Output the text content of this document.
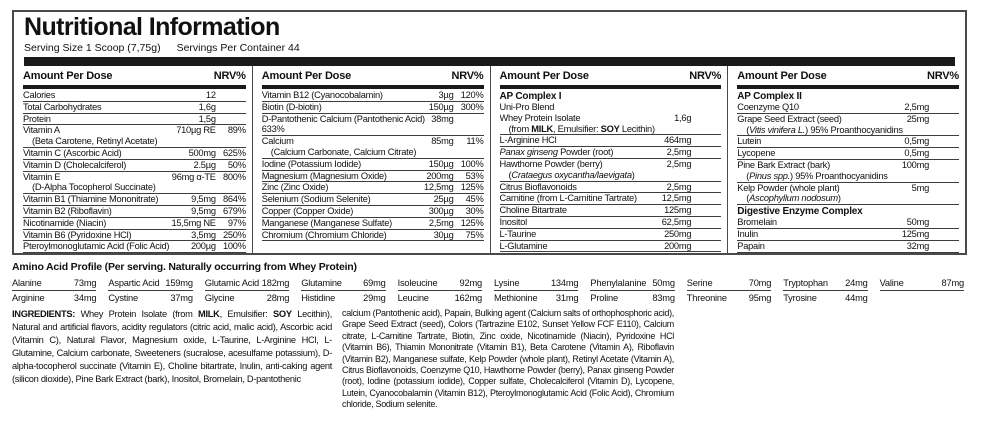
Nutritional Information
Serving Size 1 Scoop (7,75g) Servings Per Container 44
Amount Per Dose	NRV%
Calories	12
Total Carbohydrates	1,6g
Protein	1,5g
Vitamin A	710µg RE	89%
(Beta Carotene, Retinyl Acetate)
Vitamin C (Ascorbic Acid)	500mg 625%
Vitamin D (Cholecalciferol)	2.5µg	50%
Vitamin E	96mg α-TE 800%
(D-Alpha Tocopherol Succinate)
Vitamin B1 (Thiamine Mononitrate)	9,5mg 864%
Vitamin B2 (Riboflavin)	9,5mg 679%
Nicotinamide (Niacin)	15,5mg NE	97%
Vitamin B6 (Pyridoxine HCl)	3,5mg 250%
Pteroylmonoglutamic Acid (Folic Acid)	200µg 100%
Amount Per Dose	NRV%
Vitamin B12 (Cyanocobalamin)	3µg 120%
Biotin (D-biotin)	150µg 300%
D-Pantothenic Calcium (Pantothenic Acid) 38mg
633%
Calcium	85mg	11%
(Calcium Carbonate, Calcium Citrate)
Iodine (Potassium Iodide)	150µg 100%
Magnesium (Magnesium Oxide)	200mg	53%
Zinc (Zinc Oxide)	12,5mg 125%
Selenium (Sodium Selenite)	25µg	45%
Copper (Copper Oxide)	300µg	30%
Manganese (Manganese Sulfate)	2,5mg 125%
Chromium (Chromium Chloride)	30µg	75%
Amount Per Dose	NRV%
AP Complex I
Uni-Pro Blend
Whey Protein Isolate	1,6g
(from MILK, Emulsifier: SOY Lecithin)
L-Arginine HCl	464mg
Panax ginseng Powder (root)	2,5mg
Hawthorne Powder (berry)	2,5mg
(Crataegus oxycantha/laevigata)
Citrus Bioflavonoids	2,5mg
Carnitine (from L-Carnitine Tartrate)	12,5mg
Choline Bitartrate	125mg
Inositol	62,5mg
L-Taurine	250mg
L-Glutamine	200mg
Amount Per Dose	NRV%
AP Complex II
Coenzyme Q10	2,5mg
Grape Seed Extract (seed)	25mg
(Vitis vinifera L.) 95% Proanthocyanidins
Lutein	0,5mg
Lycopene	0,5mg
Pine Bark Extract (bark)	100mg
(Pinus spp.) 95% Proanthocyanidins
Kelp Powder (whole plant)	5mg
(Ascophyllum nodosum)
Digestive Enzyme Complex
Bromelain	50mg
Inulin	125mg
Papain	32mg
Amino Acid Profile (Per serving. Naturally occurring from Whey Protein)
Alanine	73mg Aspartic Acid 159mg Glutamic Acid 182mg Glutamine 69mg Isoleucine 92mg Lysine	134mg Phenylalanine 50mg Serine	70mg Tryptophan 24mg Valine	87mg
Arginine	34mg Cystine	37mg Glycine	28mg Histidine	29mg Leucine	162mg Methionine 31mg Proline	83mg Threonine 95mg Tyrosine	44mg
INGREDIENTS: Whey Protein Isolate (from MILK, Emulsifier: SOY Lecithin), Natural and artificial flavors, acidity regulators (citric acid, malic acid), Ascorbic acid (Vitamin C), Natural Flavor, Magnesium oxide, L-Taurine, L-Arginine HCl, L-Glutamine, Calcium carbonate, Sweeteners (sucralose, acesulfame potassium), D-alpha-tocopherol succinate (Vitamin E), Choline bitartrate, Inulin, anti-caking agent (silicon dioxide), Pine Bark Extract (bark), Inositol, Bromelain, D-pantothenic
calcium (Pantothenic acid), Papain, Bulking agent (Calcium salts of orthophosphoric acid), Grape Seed Extract (seed), Colors (Tartrazine E102, Sunset Yellow FCF E110), Calcium citrate, L-Carnitine Tartrate, Biotin, Zinc oxide, Nicotinamide (Niacin), Pyridoxine HCl (Vitamin B6), Thiamin Mononitrate (Vitamin B1), Beta Carotene (Vitamin A), Riboflavin (Vitamin B2), Manganese sulfate, Kelp Powder (whole plant), Retinyl Acetate (Vitamin A), Citrus Bioflavonoids, Coenzyme Q10, Hawthorne Powder (berry), Panax ginseng Powder (root), Iodine (potassium iodide), Copper sulfate, Cholecalciferol (Vitamin D), Lycopene, Lutein, Cyanocobalamin (Vitamin B12), Pteroylmonoglutamic Acid (Folic Acid), Chromium chloride, Sodium selenite.
